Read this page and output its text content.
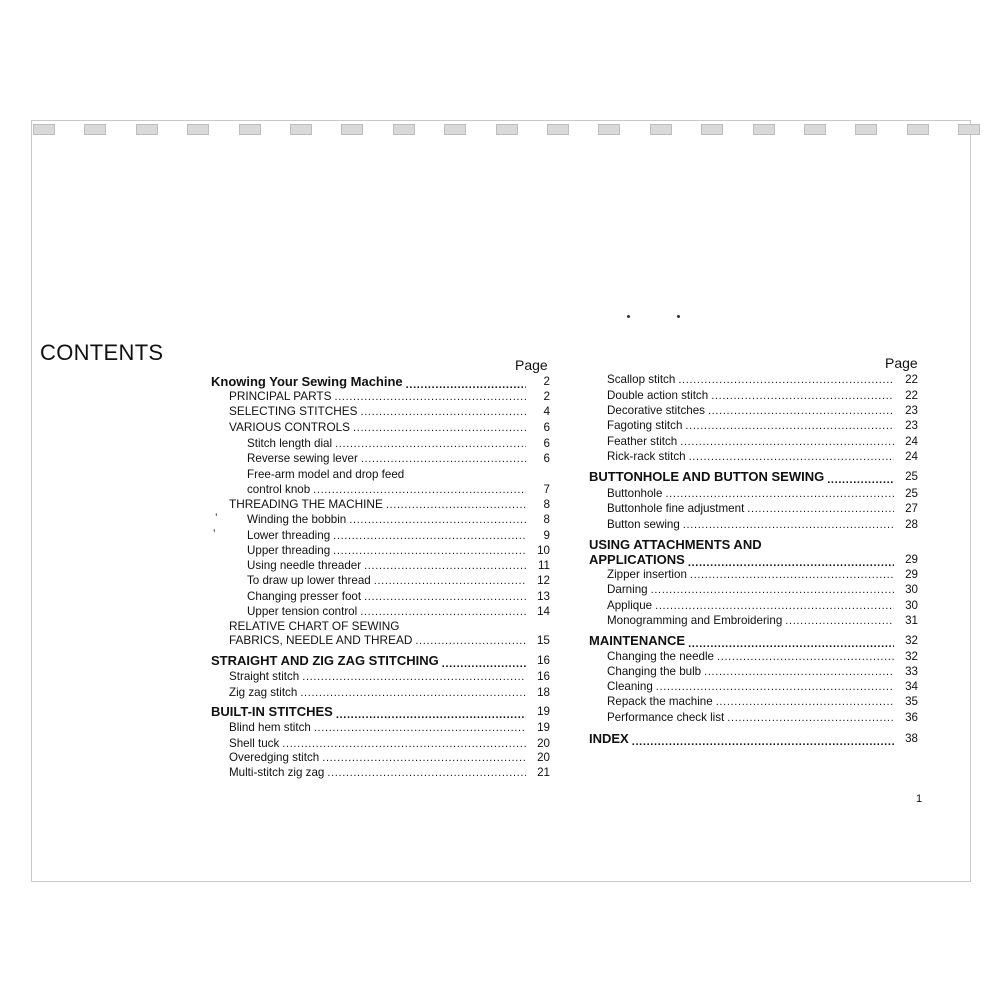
CONTENTS	Page	Page
Knowing Your Sewing Machine . . .	2
PRINCIPAL PARTS . . .	2
SELECTING STITCHES . . .	4
VARIOUS CONTROLS . . .	6
Stitch length dial . . .	6
Reverse sewing lever . . .	6
Free-arm model and drop feed
control knob . . .	7
THREADING THE MACHINE . . .	8
Winding the bobbin . . .	8
Lower threading . . .	9
Upper threading . . .	10
Using needle threader . . .	11
To draw up lower thread . . .	12
Changing presser foot . . .	13
Upper tension control . . .	14
RELATIVE CHART OF SEWING
FABRICS, NEEDLE AND THREAD . . .	15
STRAIGHT AND ZIG ZAG STITCHING . . .	16
Straight stitch . . .	16
Zig zag stitch . . .	18
BUILT-IN STITCHES . . .	19
Blind hem stitch . . .	19
Shell tuck . . .	20
Overedging stitch . . .	20
Multi-stitch zig zag . . .	21
Scallop stitch . . .	22
Double action stitch . . .	22
Decorative stitches . . .	23
Fagoting stitch . . .	23
Feather stitch . . .	24
Rick-rack stitch . . .	24
BUTTONHOLE AND BUTTON SEWING . . .	25
Buttonhole . . .	25
Buttonhole fine adjustment . . .	27
Button sewing . . .	28
USING ATTACHMENTS AND
APPLICATIONS . . .	29
Zipper insertion . . .	29
Darning . . .	30
Applique . . .	30
Monogramming and Embroidering . . .	31
MAINTENANCE . . .	32
Changing the needle . . .	32
Changing the bulb . . .	33
Cleaning . . .	34
Repack the machine . . .	35
Performance check list . . .	36
INDEX . . .	38
’
’
1
